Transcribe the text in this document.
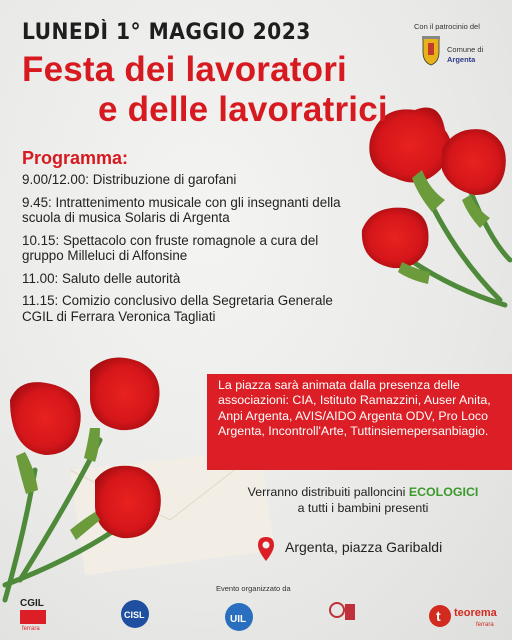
LUNEDÌ 1° MAGGIO 2023
Festa dei lavoratori
e delle lavoratrici
Con il patrocinio del
Comune di
Argenta
Programma:
9.00/12.00: Distribuzione di garofani
9.45: Intrattenimento musicale con gli insegnanti della scuola di musica Solaris di Argenta
10.15: Spettacolo con fruste romagnole a cura del gruppo Milleluci di Alfonsine
11.00: Saluto delle autorità
11.15: Comizio conclusivo della Segretaria Generale CGIL di Ferrara Veronica Tagliati
La piazza sarà animata dalla presenza delle associazioni: CIA, Istituto Ramazzini, Auser Anita, Anpi Argenta, AVIS/AIDO Argenta ODV, Pro Loco Argenta, Incontroll'Arte, Tuttinsiemepersanbiagio.
Verranno distribuiti palloncini ECOLOGICI
a tutti i bambini presenti
Argenta, piazza Garibaldi
Evento organizzato da
CGIL
ferrara
CISL	UIL	t teorema
ferrara
